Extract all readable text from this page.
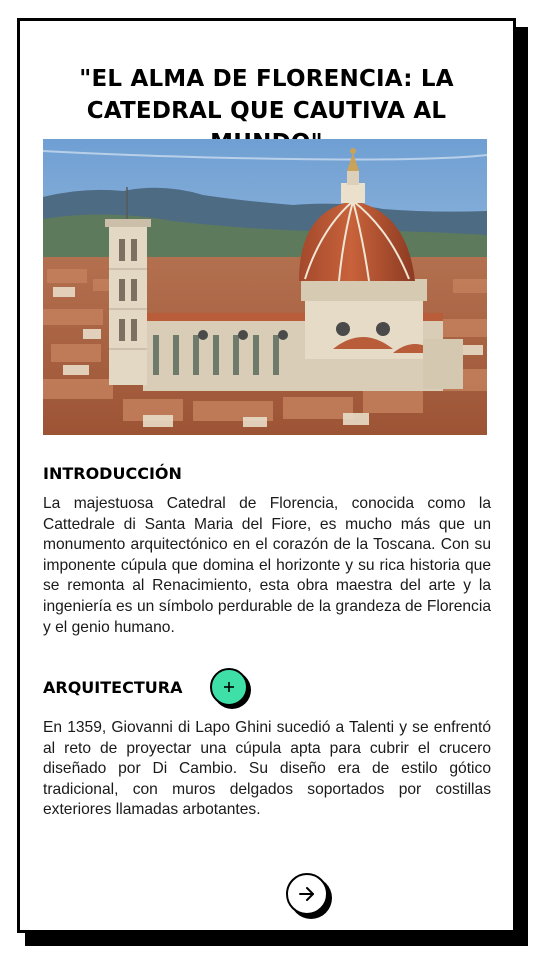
"EL ALMA DE FLORENCIA: LA CATEDRAL QUE CAUTIVA AL
INTRODUCCIÓN

La majestuosa Catedral de Florencia, conocida como la Cattedrale di Santa Maria del Fiore, es mucho más que un monumento arquitectónico en el corazón de la Toscana. Con su imponente cúpula que domina el horizonte y su rica historia que se remonta al Renacimiento, esta obra maestra del arte y la ingeniería es un símbolo perdurable de la grandeza de Florencia y el genio humano.

ARQUITECTURA

En 1359, Giovanni di Lapo Ghini sucedió a Talenti y se enfrentó al reto de proyectar una cúpula apta para cubrir el crucero diseñado por Di Cambio. Su diseño era de estilo gótico tradicional, con muros delgados soportados por costillas exteriores llamadas arbotantes.
